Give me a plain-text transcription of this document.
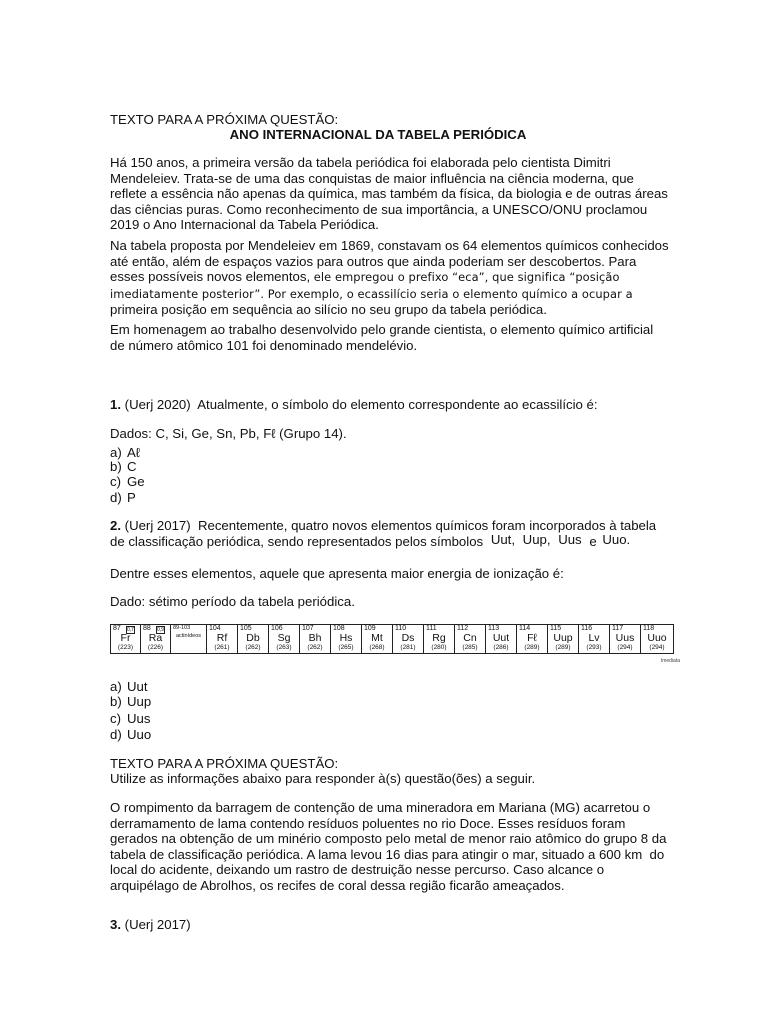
TEXTO PARA A PRÓXIMA QUESTÃO:
ANO INTERNACIONAL DA TABELA PERIÓDICA
Há 150 anos, a primeira versão da tabela periódica foi elaborada pelo cientista Dimitri
Mendeleiev. Trata-se de uma das conquistas de maior influência na ciência moderna, que
reflete a essência não apenas da química, mas também da física, da biologia e de outras áreas
das ciências puras. Como reconhecimento de sua importância, a UNESCO/ONU proclamou
2019 o Ano Internacional da Tabela Periódica.
Na tabela proposta por Mendeleiev em 1869, constavam os 64 elementos químicos conhecidos
até então, além de espaços vazios para outros que ainda poderiam ser descobertos. Para
esses possíveis novos elementos, ele empregou o prefixo “eca”, que significa “posição
imediatamente posterior”. Por exemplo, o ecassilício seria o elemento químico a ocupar a
primeira posição em sequência ao silício no seu grupo da tabela periódica.
Em homenagem ao trabalho desenvolvido pelo grande cientista, o elemento químico artificial
de número atômico 101 foi denominado mendelévio.
1. (Uerj 2020) Atualmente, o símbolo do elemento correspondente ao ecassilício é:
Dados: C, Si, Ge, Sn, Pb, Fℓ (Grupo 14).
a) Aℓ
b) C
c) Ge
d) P
2. (Uerj 2017) Recentemente, quatro novos elementos químicos foram incorporados à tabela
de classificação periódica, sendo representados pelos símbolos Uut, Uup, Uus e Uuo.
Dentre esses elementos, aquele que apresenta maior energia de ionização é:
Dado: sétimo período da tabela periódica.
87 0,7
Fr
(223)
88 0,9
Ra
(226)
89-103
actinídeos
104
Rf
(261)
105
Db
(262)
106
Sg
(263)
107
Bh
(262)
108
Hs
(265)
109
Mt
(268)
110
Ds
(281)
111
Rg
(280)
112
Cn
(285)
113
Uut
(286)
114
Fℓ
(289)
115
Uup
(289)
116
Lv
(293)
117
Uus
(294)
118
Uuo
(294)
Imediata
a) Uut
b) Uup
c) Uus
d) Uuo
TEXTO PARA A PRÓXIMA QUESTÃO:
Utilize as informações abaixo para responder à(s) questão(ões) a seguir.
O rompimento da barragem de contenção de uma mineradora em Mariana (MG) acarretou o
derramamento de lama contendo resíduos poluentes no rio Doce. Esses resíduos foram
gerados na obtenção de um minério composto pelo metal de menor raio atômico do grupo 8 da
tabela de classificação periódica. A lama levou 16 dias para atingir o mar, situado a 600 km do
local do acidente, deixando um rastro de destruição nesse percurso. Caso alcance o
arquipélago de Abrolhos, os recifes de coral dessa região ficarão ameaçados.
3. (Uerj 2017)
